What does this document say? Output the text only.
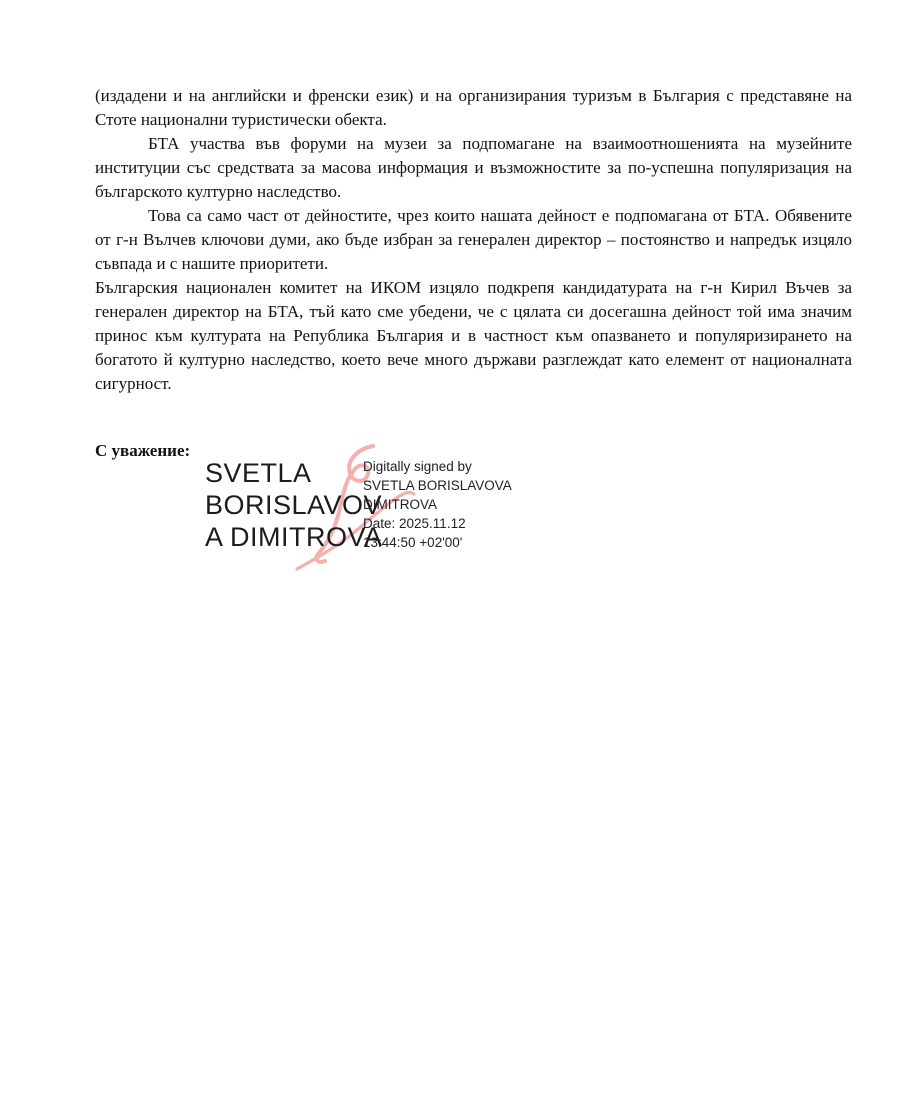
(издадени и на английски и френски език) и на организирания туризъм в България с представяне на Стоте национални туристически обекта.

БТА участва във форуми на музеи за подпомагане на взаимоотношенията на музейните институции със средствата за масова информация и възможностите за по-успешна популяризация на българското културно наследство.

Това са само част от дейностите, чрез които нашата дейност е подпомагана от БТА. Обявените от г-н Вълчев ключови думи, ако бъде избран за генерален директор – постоянство и напредък изцяло съвпада и с нашите приоритети.

Българския национален комитет на ИКОМ изцяло подкрепя кандидатурата на г-н Кирил Въчев за генерален директор на БТА, тъй като сме убедени, че с цялата си досегашна дейност той има значим принос към културата на Република България и в частност към опазването и популяризирането на богатото й културно наследство, което вече много държави разглеждат като елемент от националната сигурност.

С уважение:
SVETLA
BORISLAVOV
A DIMITROVA
Digitally signed by
SVETLA BORISLAVOVA
DIMITROVA
Date: 2025.11.12
13:44:50 +02'00'
